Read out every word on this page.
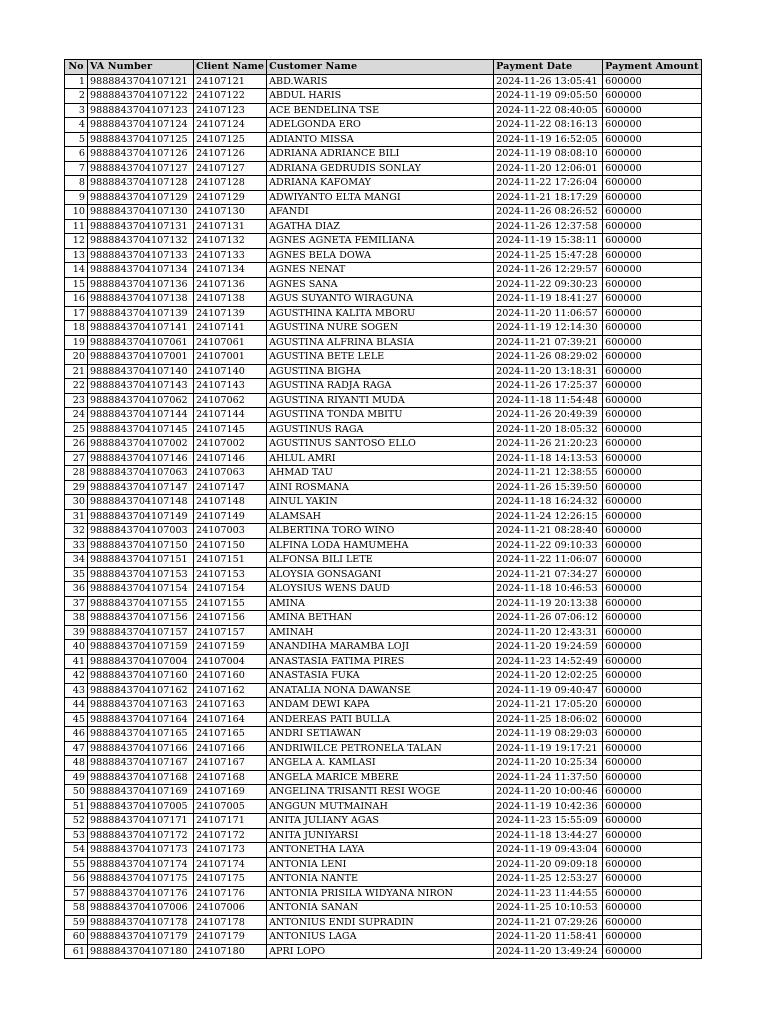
No	VA Number	Client Name	Customer Name	Payment Date	Payment Amount
1	9888843704107121	24107121	ABD.WARIS	2024-11-26 13:05:41	600000
2	9888843704107122	24107122	ABDUL HARIS	2024-11-19 09:05:50	600000
3	9888843704107123	24107123	ACE BENDELINA TSE	2024-11-22 08:40:05	600000
4	9888843704107124	24107124	ADELGONDA ERO	2024-11-22 08:16:13	600000
5	9888843704107125	24107125	ADIANTO MISSA	2024-11-19 16:52:05	600000
6	9888843704107126	24107126	ADRIANA ADRIANCE BILI	2024-11-19 08:08:10	600000
7	9888843704107127	24107127	ADRIANA GEDRUDIS SONLAY	2024-11-20 12:06:01	600000
8	9888843704107128	24107128	ADRIANA KAFOMAY	2024-11-22 17:26:04	600000
9	9888843704107129	24107129	ADWIYANTO ELTA MANGI	2024-11-21 18:17:29	600000
10	9888843704107130	24107130	AFANDI	2024-11-26 08:26:52	600000
11	9888843704107131	24107131	AGATHA DIAZ	2024-11-26 12:37:58	600000
12	9888843704107132	24107132	AGNES AGNETA FEMILIANA	2024-11-19 15:38:11	600000
13	9888843704107133	24107133	AGNES BELA DOWA	2024-11-25 15:47:28	600000
14	9888843704107134	24107134	AGNES NENAT	2024-11-26 12:29:57	600000
15	9888843704107136	24107136	AGNES SANA	2024-11-22 09:30:23	600000
16	9888843704107138	24107138	AGUS SUYANTO WIRAGUNA	2024-11-19 18:41:27	600000
17	9888843704107139	24107139	AGUSTHINA KALITA MBORU	2024-11-20 11:06:57	600000
18	9888843704107141	24107141	AGUSTINA NURE SOGEN	2024-11-19 12:14:30	600000
19	9888843704107061	24107061	AGUSTINA ALFRINA BLASIA	2024-11-21 07:39:21	600000
20	9888843704107001	24107001	AGUSTINA BETE LELE	2024-11-26 08:29:02	600000
21	9888843704107140	24107140	AGUSTINA BIGHA	2024-11-20 13:18:31	600000
22	9888843704107143	24107143	AGUSTINA RADJA RAGA	2024-11-26 17:25:37	600000
23	9888843704107062	24107062	AGUSTINA RIYANTI MUDA	2024-11-18 11:54:48	600000
24	9888843704107144	24107144	AGUSTINA TONDA MBITU	2024-11-26 20:49:39	600000
25	9888843704107145	24107145	AGUSTINUS RAGA	2024-11-20 18:05:32	600000
26	9888843704107002	24107002	AGUSTINUS SANTOSO ELLO	2024-11-26 21:20:23	600000
27	9888843704107146	24107146	AHLUL AMRI	2024-11-18 14:13:53	600000
28	9888843704107063	24107063	AHMAD TAU	2024-11-21 12:38:55	600000
29	9888843704107147	24107147	AINI ROSMANA	2024-11-26 15:39:50	600000
30	9888843704107148	24107148	AINUL YAKIN	2024-11-18 16:24:32	600000
31	9888843704107149	24107149	ALAMSAH	2024-11-24 12:26:15	600000
32	9888843704107003	24107003	ALBERTINA TORO WINO	2024-11-21 08:28:40	600000
33	9888843704107150	24107150	ALFINA LODA HAMUMEHA	2024-11-22 09:10:33	600000
34	9888843704107151	24107151	ALFONSA BILI LETE	2024-11-22 11:06:07	600000
35	9888843704107153	24107153	ALOYSIA GONSAGANI	2024-11-21 07:34:27	600000
36	9888843704107154	24107154	ALOYSIUS WENS DAUD	2024-11-18 10:46:53	600000
37	9888843704107155	24107155	AMINA	2024-11-19 20:13:38	600000
38	9888843704107156	24107156	AMINA BETHAN	2024-11-26 07:06:12	600000
39	9888843704107157	24107157	AMINAH	2024-11-20 12:43:31	600000
40	9888843704107159	24107159	ANANDIHA MARAMBA LOJI	2024-11-20 19:24:59	600000
41	9888843704107004	24107004	ANASTASIA FATIMA PIRES	2024-11-23 14:52:49	600000
42	9888843704107160	24107160	ANASTASIA FUKA	2024-11-20 12:02:25	600000
43	9888843704107162	24107162	ANATALIA NONA DAWANSE	2024-11-19 09:40:47	600000
44	9888843704107163	24107163	ANDAM DEWI KAPA	2024-11-21 17:05:20	600000
45	9888843704107164	24107164	ANDEREAS PATI BULLA	2024-11-25 18:06:02	600000
46	9888843704107165	24107165	ANDRI SETIAWAN	2024-11-19 08:29:03	600000
47	9888843704107166	24107166	ANDRIWILCE PETRONELA TALAN	2024-11-19 19:17:21	600000
48	9888843704107167	24107167	ANGELA A. KAMLASI	2024-11-20 10:25:34	600000
49	9888843704107168	24107168	ANGELA MARICE MBERE	2024-11-24 11:37:50	600000
50	9888843704107169	24107169	ANGELINA TRISANTI RESI WOGE	2024-11-20 10:00:46	600000
51	9888843704107005	24107005	ANGGUN MUTMAINAH	2024-11-19 10:42:36	600000
52	9888843704107171	24107171	ANITA JULIANY AGAS	2024-11-23 15:55:09	600000
53	9888843704107172	24107172	ANITA JUNIYARSI	2024-11-18 13:44:27	600000
54	9888843704107173	24107173	ANTONETHA LAYA	2024-11-19 09:43:04	600000
55	9888843704107174	24107174	ANTONIA LENI	2024-11-20 09:09:18	600000
56	9888843704107175	24107175	ANTONIA NANTE	2024-11-25 12:53:27	600000
57	9888843704107176	24107176	ANTONIA PRISILA WIDYANA NIRON	2024-11-23 11:44:55	600000
58	9888843704107006	24107006	ANTONIA SANAN	2024-11-25 10:10:53	600000
59	9888843704107178	24107178	ANTONIUS ENDI SUPRADIN	2024-11-21 07:29:26	600000
60	9888843704107179	24107179	ANTONIUS LAGA	2024-11-20 11:58:41	600000
61	9888843704107180	24107180	APRI LOPO	2024-11-20 13:49:24	600000
